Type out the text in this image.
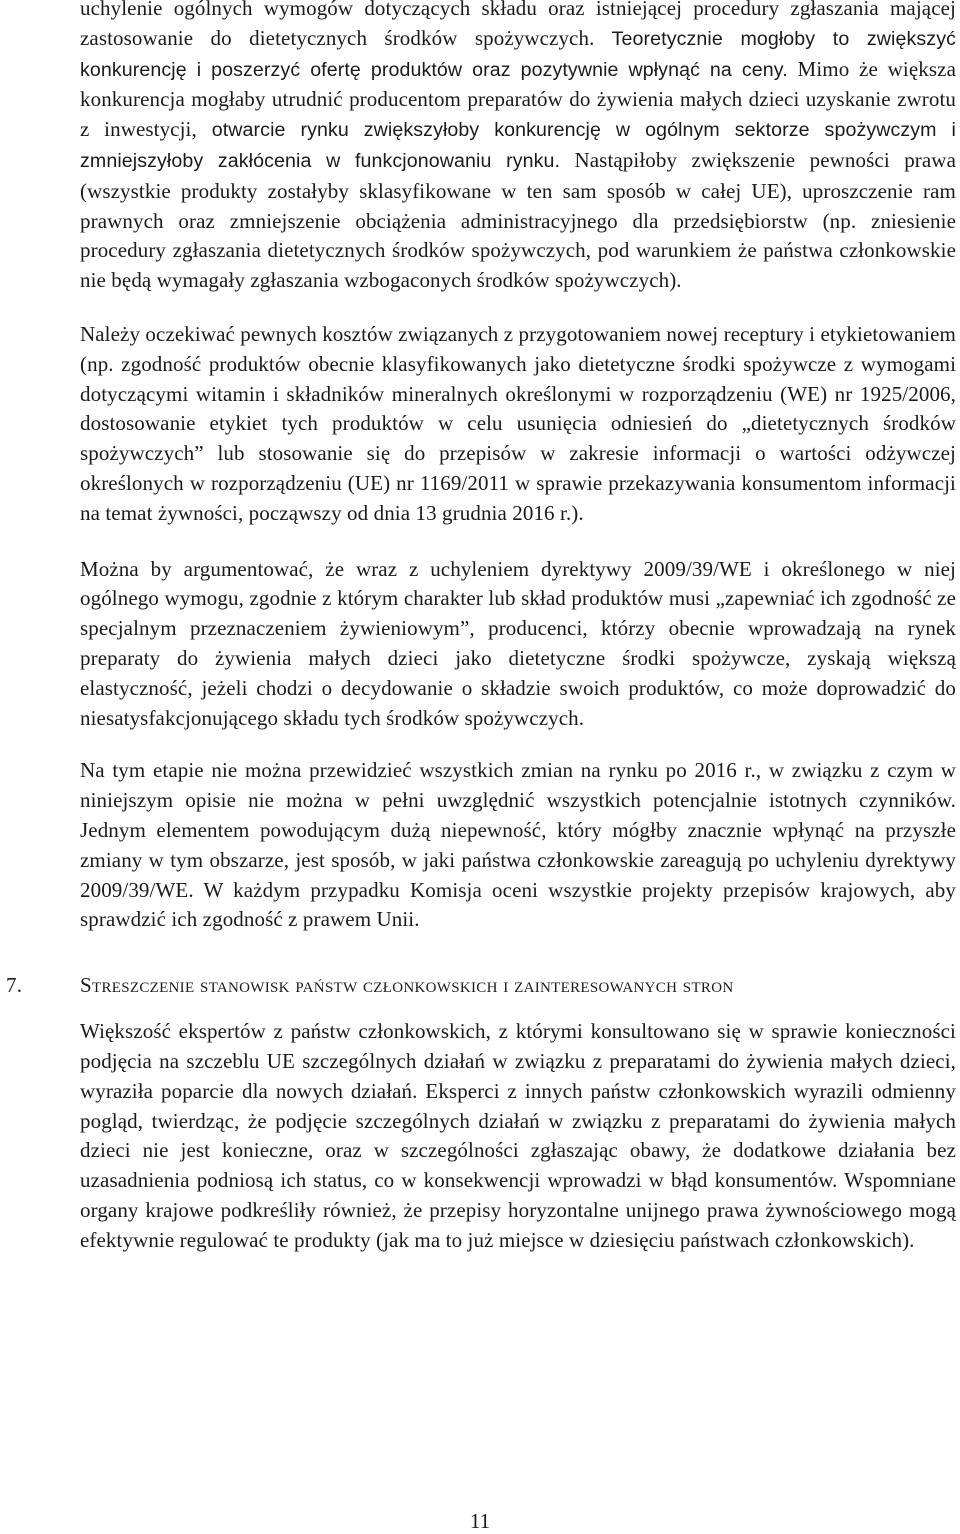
uchylenie ogólnych wymogów dotyczących składu oraz istniejącej procedury zgłaszania mającej zastosowanie do dietetycznych środków spożywczych. Teoretycznie mogłoby to zwiększyć konkurencję i poszerzyć ofertę produktów oraz pozytywnie wpłynąć na ceny. Mimo że większa konkurencja mogłaby utrudnić producentom preparatów do żywienia małych dzieci uzyskanie zwrotu z inwestycji, otwarcie rynku zwiększyłoby konkurencję w ogólnym sektorze spożywczym i zmniejszyłoby zakłócenia w funkcjonowaniu rynku. Nastąpiłoby zwiększenie pewności prawa (wszystkie produkty zostałyby sklasyfikowane w ten sam sposób w całej UE), uproszczenie ram prawnych oraz zmniejszenie obciążenia administracyjnego dla przedsiębiorstw (np. zniesienie procedury zgłaszania dietetycznych środków spożywczych, pod warunkiem że państwa członkowskie nie będą wymagały zgłaszania wzbogaconych środków spożywczych).

Należy oczekiwać pewnych kosztów związanych z przygotowaniem nowej receptury i etykietowaniem (np. zgodność produktów obecnie klasyfikowanych jako dietetyczne środki spożywcze z wymogami dotyczącymi witamin i składników mineralnych określonymi w rozporządzeniu (WE) nr 1925/2006, dostosowanie etykiet tych produktów w celu usunięcia odniesień do „dietetycznych środków spożywczych” lub stosowanie się do przepisów w zakresie informacji o wartości odżywczej określonych w rozporządzeniu (UE) nr 1169/2011 w sprawie przekazywania konsumentom informacji na temat żywności, począwszy od dnia 13 grudnia 2016 r.).

Można by argumentować, że wraz z uchyleniem dyrektywy 2009/39/WE i określonego w niej ogólnego wymogu, zgodnie z którym charakter lub skład produktów musi „zapewniać ich zgodność ze specjalnym przeznaczeniem żywieniowym”, producenci, którzy obecnie wprowadzają na rynek preparaty do żywienia małych dzieci jako dietetyczne środki spożywcze, zyskają większą elastyczność, jeżeli chodzi o decydowanie o składzie swoich produktów, co może doprowadzić do niesatysfakcjonującego składu tych środków spożywczych.

Na tym etapie nie można przewidzieć wszystkich zmian na rynku po 2016 r., w związku z czym w niniejszym opisie nie można w pełni uwzględnić wszystkich potencjalnie istotnych czynników. Jednym elementem powodującym dużą niepewność, który mógłby znacznie wpłynąć na przyszłe zmiany w tym obszarze, jest sposób, w jaki państwa członkowskie zareagują po uchyleniu dyrektywy 2009/39/WE. W każdym przypadku Komisja oceni wszystkie projekty przepisów krajowych, aby sprawdzić ich zgodność z prawem Unii.

7.	Streszczenie stanowisk państw członkowskich i zainteresowanych stron

Większość ekspertów z państw członkowskich, z którymi konsultowano się w sprawie konieczności podjęcia na szczeblu UE szczególnych działań w związku z preparatami do żywienia małych dzieci, wyraziła poparcie dla nowych działań. Eksperci z innych państw członkowskich wyrazili odmienny pogląd, twierdząc, że podjęcie szczególnych działań w związku z preparatami do żywienia małych dzieci nie jest konieczne, oraz w szczególności zgłaszając obawy, że dodatkowe działania bez uzasadnienia podniosą ich status, co w konsekwencji wprowadzi w błąd konsumentów. Wspomniane organy krajowe podkreśliły również, że przepisy horyzontalne unijnego prawa żywnościowego mogą efektywnie regulować te produkty (jak ma to już miejsce w dziesięciu państwach członkowskich).

11
